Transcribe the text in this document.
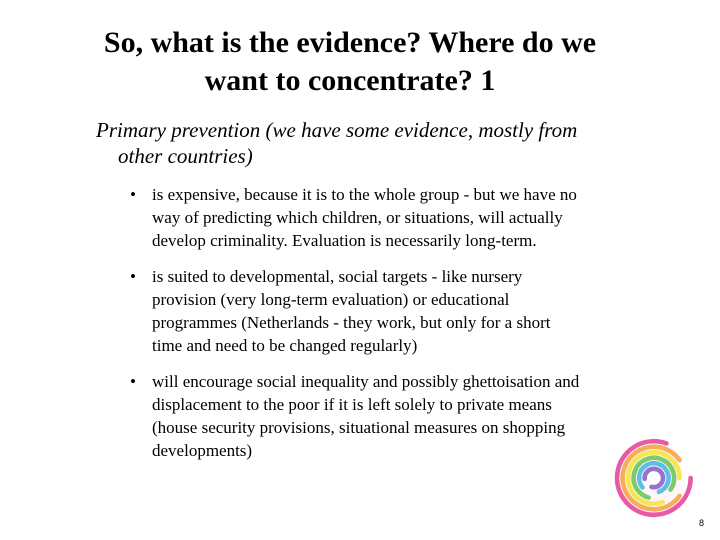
So, what is the evidence? Where do we
want to concentrate? 1
Primary prevention (we have some evidence, mostly from
other countries)
• is expensive, because it is to the whole group - but we have no
way of predicting which children, or situations, will actually
develop criminality. Evaluation is necessarily long-term.
• is suited to developmental, social targets - like nursery
provision (very long-term evaluation) or educational
programmes (Netherlands - they work, but only for a short
time and need to be changed regularly)
• will encourage social inequality and possibly ghettoisation and
displacement to the poor if it is left solely to private means
(house security provisions, situational measures on shopping
developments)
8
